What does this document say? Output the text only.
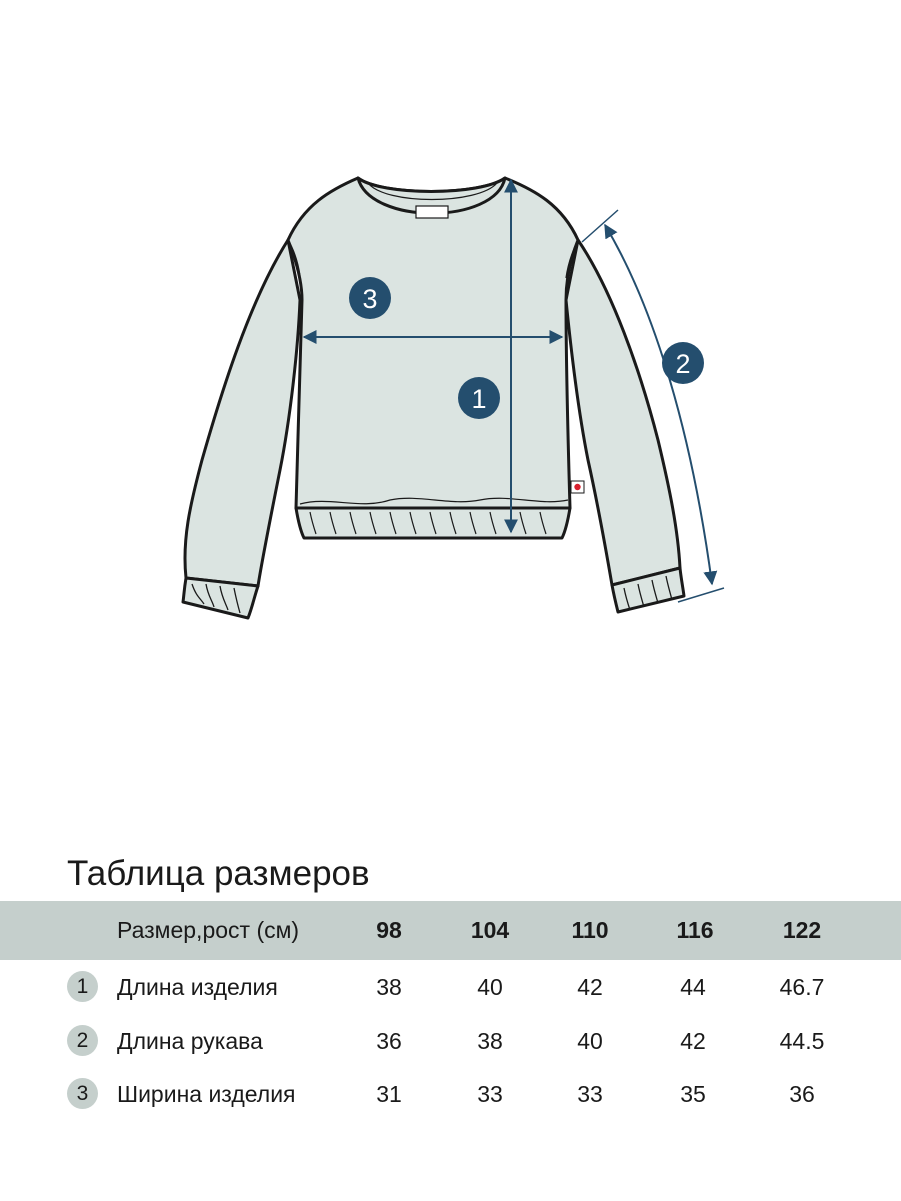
1
2
3
Таблица размеров
Размер,рост (см)	98	104	110	116	122
1	Длина изделия	38	40	42	44	46.7
2	Длина рукава	36	38	40	42	44.5
3	Ширина изделия	31	33	33	35	36
